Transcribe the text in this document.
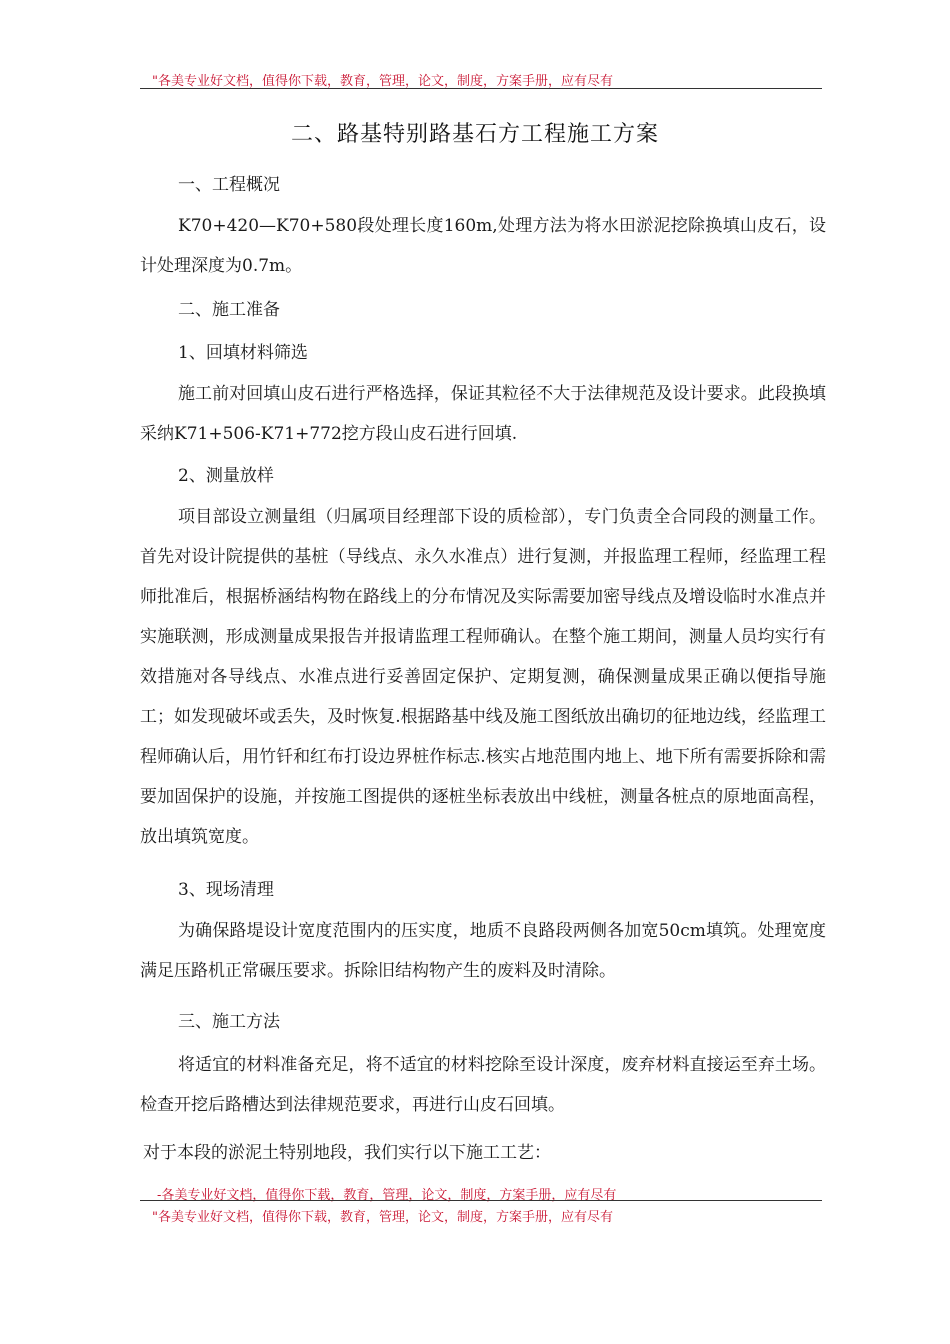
"各美专业好文档，值得你下载，教育，管理，论文，制度，方案手册，应有尽有
二、路基特别路基石方工程施工方案
一、工程概况

K70+420—K70+580段处理长度160m,处理方法为将水田淤泥挖除换填山皮石，设计处理深度为0.7m。

二、施工准备
1、回填材料筛选

施工前对回填山皮石进行严格选择，保证其粒径不大于法律规范及设计要求。此段换填采纳K71+506-K71+772挖方段山皮石进行回填.

2、测量放样

项目部设立测量组（归属项目经理部下设的质检部），专门负责全合同段的测量工作。首先对设计院提供的基桩（导线点、永久水准点）进行复测，并报监理工程师，经监理工程师批准后，根据桥涵结构物在路线上的分布情况及实际需要加密导线点及增设临时水准点并实施联测，形成测量成果报告并报请监理工程师确认。在整个施工期间，测量人员均实行有效措施对各导线点、水准点进行妥善固定保护、定期复测，确保测量成果正确以便指导施工；如发现破坏或丢失，及时恢复.根据路基中线及施工图纸放出确切的征地边线，经监理工程师确认后，用竹钎和红布打设边界桩作标志.核实占地范围内地上、地下所有需要拆除和需要加固保护的设施，并按施工图提供的逐桩坐标表放出中线桩，测量各桩点的原地面高程，放出填筑宽度。

3、现场清理

为确保路堤设计宽度范围内的压实度，地质不良路段两侧各加宽50cm填筑。处理宽度满足压路机正常碾压要求。拆除旧结构物产生的废料及时清除。

三、施工方法

将适宜的材料准备充足，将不适宜的材料挖除至设计深度，废弃材料直接运至弃土场。检查开挖后路槽达到法律规范要求，再进行山皮石回填。

对于本段的淤泥土特别地段，我们实行以下施工工艺：

-各美专业好文档，值得你下载，教育，管理，论文，制度，方案手册，应有尽有
"各美专业好文档，值得你下载，教育，管理，论文，制度，方案手册，应有尽有
